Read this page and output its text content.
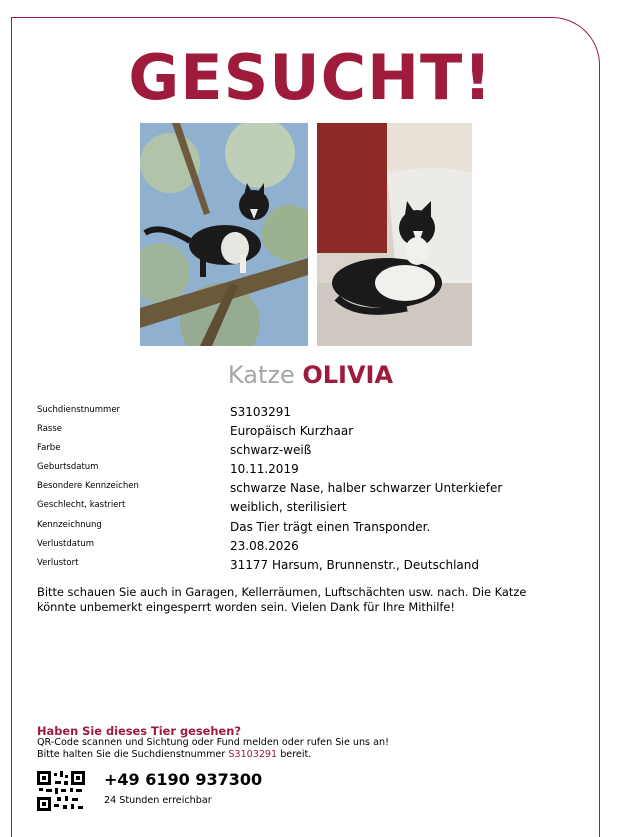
GESUCHT!
Katze OLIVIA
Suchdienstnummer	S3103291
Rasse	Europäisch Kurzhaar
Farbe	schwarz-weiß
Geburtsdatum	10.11.2019
Besondere Kennzeichen	schwarze Nase, halber schwarzer Unterkiefer
Geschlecht, kastriert	weiblich, sterilisiert
Kennzeichnung	Das Tier trägt einen Transponder.
Verlustdatum	23.08.2026
Verlustort	31177 Harsum, Brunnenstr., Deutschland
Bitte schauen Sie auch in Garagen, Kellerräumen, Luftschächten usw. nach. Die Katze könnte unbemerkt eingesperrt worden sein. Vielen Dank für Ihre Mithilfe!
Haben Sie dieses Tier gesehen?
QR-Code scannen und Sichtung oder Fund melden oder rufen Sie uns an!
Bitte halten Sie die Suchdienstnummer S3103291 bereit.
+49 6190 937300
24 Stunden erreichbar
